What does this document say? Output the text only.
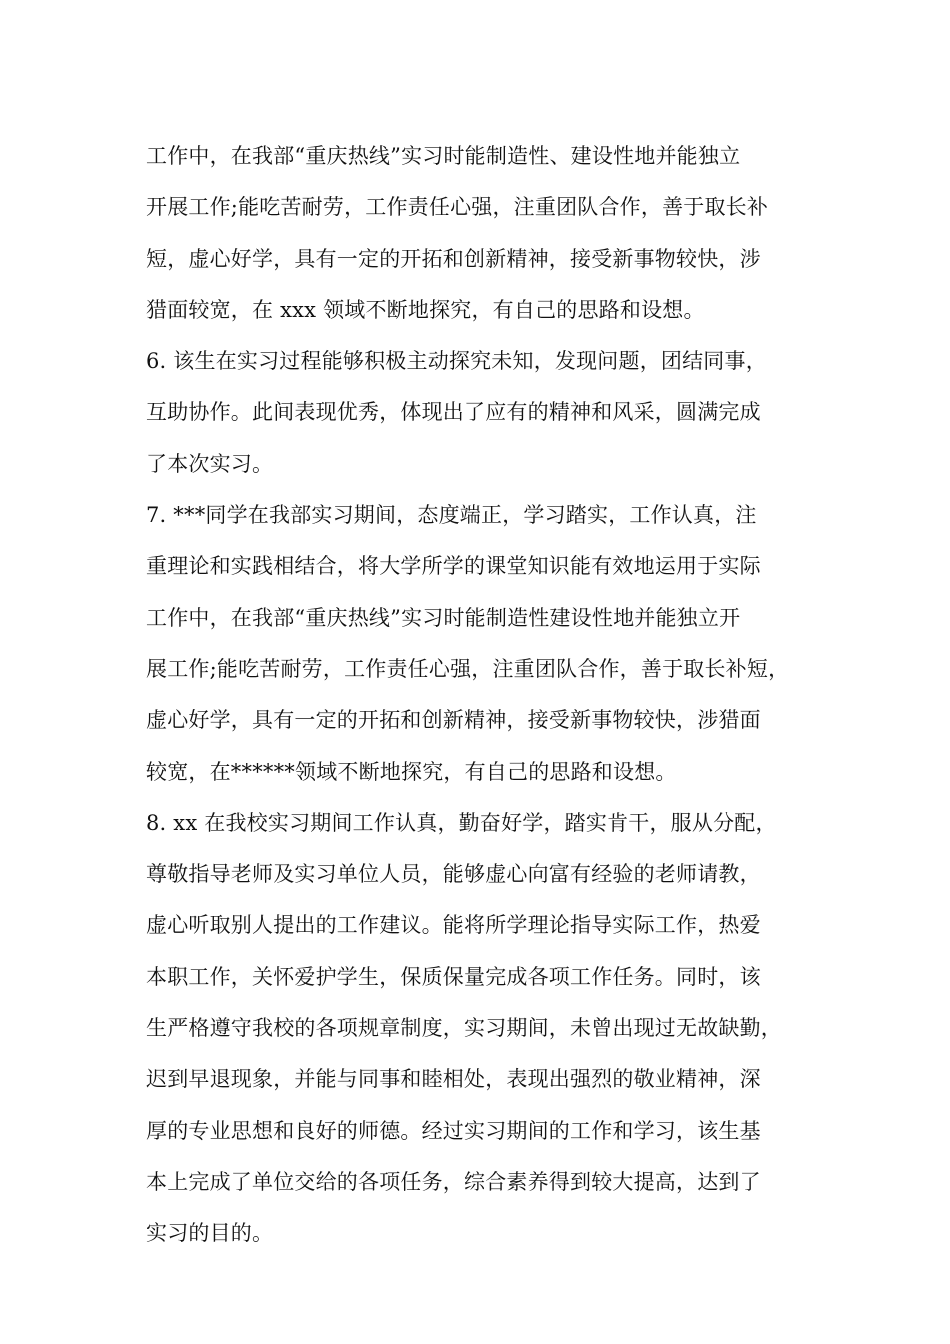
工作中，在我部“重庆热线”实习时能制造性、建设性地并能独立
开展工作;能吃苦耐劳，工作责任心强，注重团队合作，善于取长补
短，虚心好学，具有一定的开拓和创新精神，接受新事物较快，涉
猎面较宽，在 xxx 领域不断地探究，有自己的思路和设想。
6. 该生在实习过程能够积极主动探究未知，发现问题，团结同事，
互助协作。此间表现优秀，体现出了应有的精神和风采，圆满完成
了本次实习。
7. ***同学在我部实习期间，态度端正，学习踏实，工作认真，注
重理论和实践相结合，将大学所学的课堂知识能有效地运用于实际
工作中，在我部“重庆热线”实习时能制造性建设性地并能独立开
展工作;能吃苦耐劳，工作责任心强，注重团队合作，善于取长补短，
虚心好学，具有一定的开拓和创新精神，接受新事物较快，涉猎面
较宽，在******领域不断地探究，有自己的思路和设想。
8. xx 在我校实习期间工作认真，勤奋好学，踏实肯干，服从分配，
尊敬指导老师及实习单位人员，能够虚心向富有经验的老师请教，
虚心听取别人提出的工作建议。能将所学理论指导实际工作，热爱
本职工作，关怀爱护学生，保质保量完成各项工作任务。同时，该
生严格遵守我校的各项规章制度，实习期间，未曾出现过无故缺勤，
迟到早退现象，并能与同事和睦相处，表现出强烈的敬业精神，深
厚的专业思想和良好的师德。经过实习期间的工作和学习，该生基
本上完成了单位交给的各项任务，综合素养得到较大提高，达到了
实习的目的。
